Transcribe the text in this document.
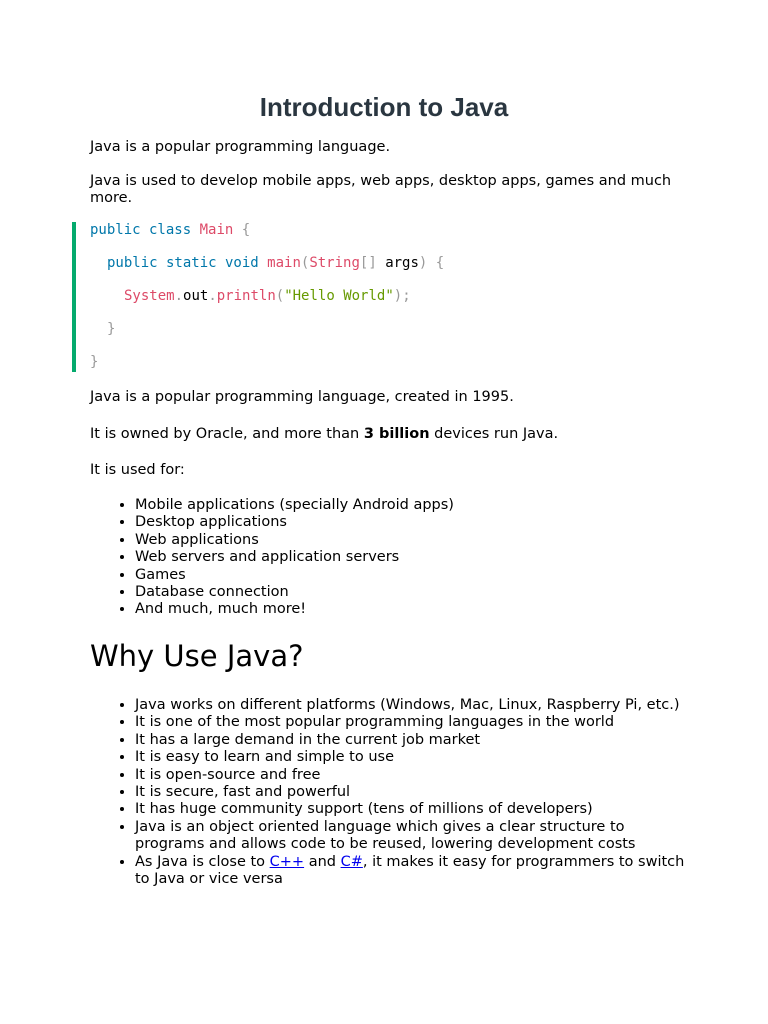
Introduction to Java

Java is a popular programming language.

Java is used to develop mobile apps, web apps, desktop apps, games and much more.

public class Main {
public static void main(String[] args) {
System.out.println("Hello World");
}
}

Java is a popular programming language, created in 1995.

It is owned by Oracle, and more than 3 billion devices run Java.

It is used for:

• Mobile applications (specially Android apps)
• Desktop applications
• Web applications
• Web servers and application servers
• Games
• Database connection
• And much, much more!
Why Use Java?
• Java works on different platforms (Windows, Mac, Linux, Raspberry Pi, etc.)
• It is one of the most popular programming languages in the world
• It has a large demand in the current job market
• It is easy to learn and simple to use
• It is open-source and free
• It is secure, fast and powerful
• It has huge community support (tens of millions of developers)
• Java is an object oriented language which gives a clear structure to programs and allows code to be reused, lowering development costs
• As Java is close to C++ and C#, it makes it easy for programmers to switch to Java or vice versa
